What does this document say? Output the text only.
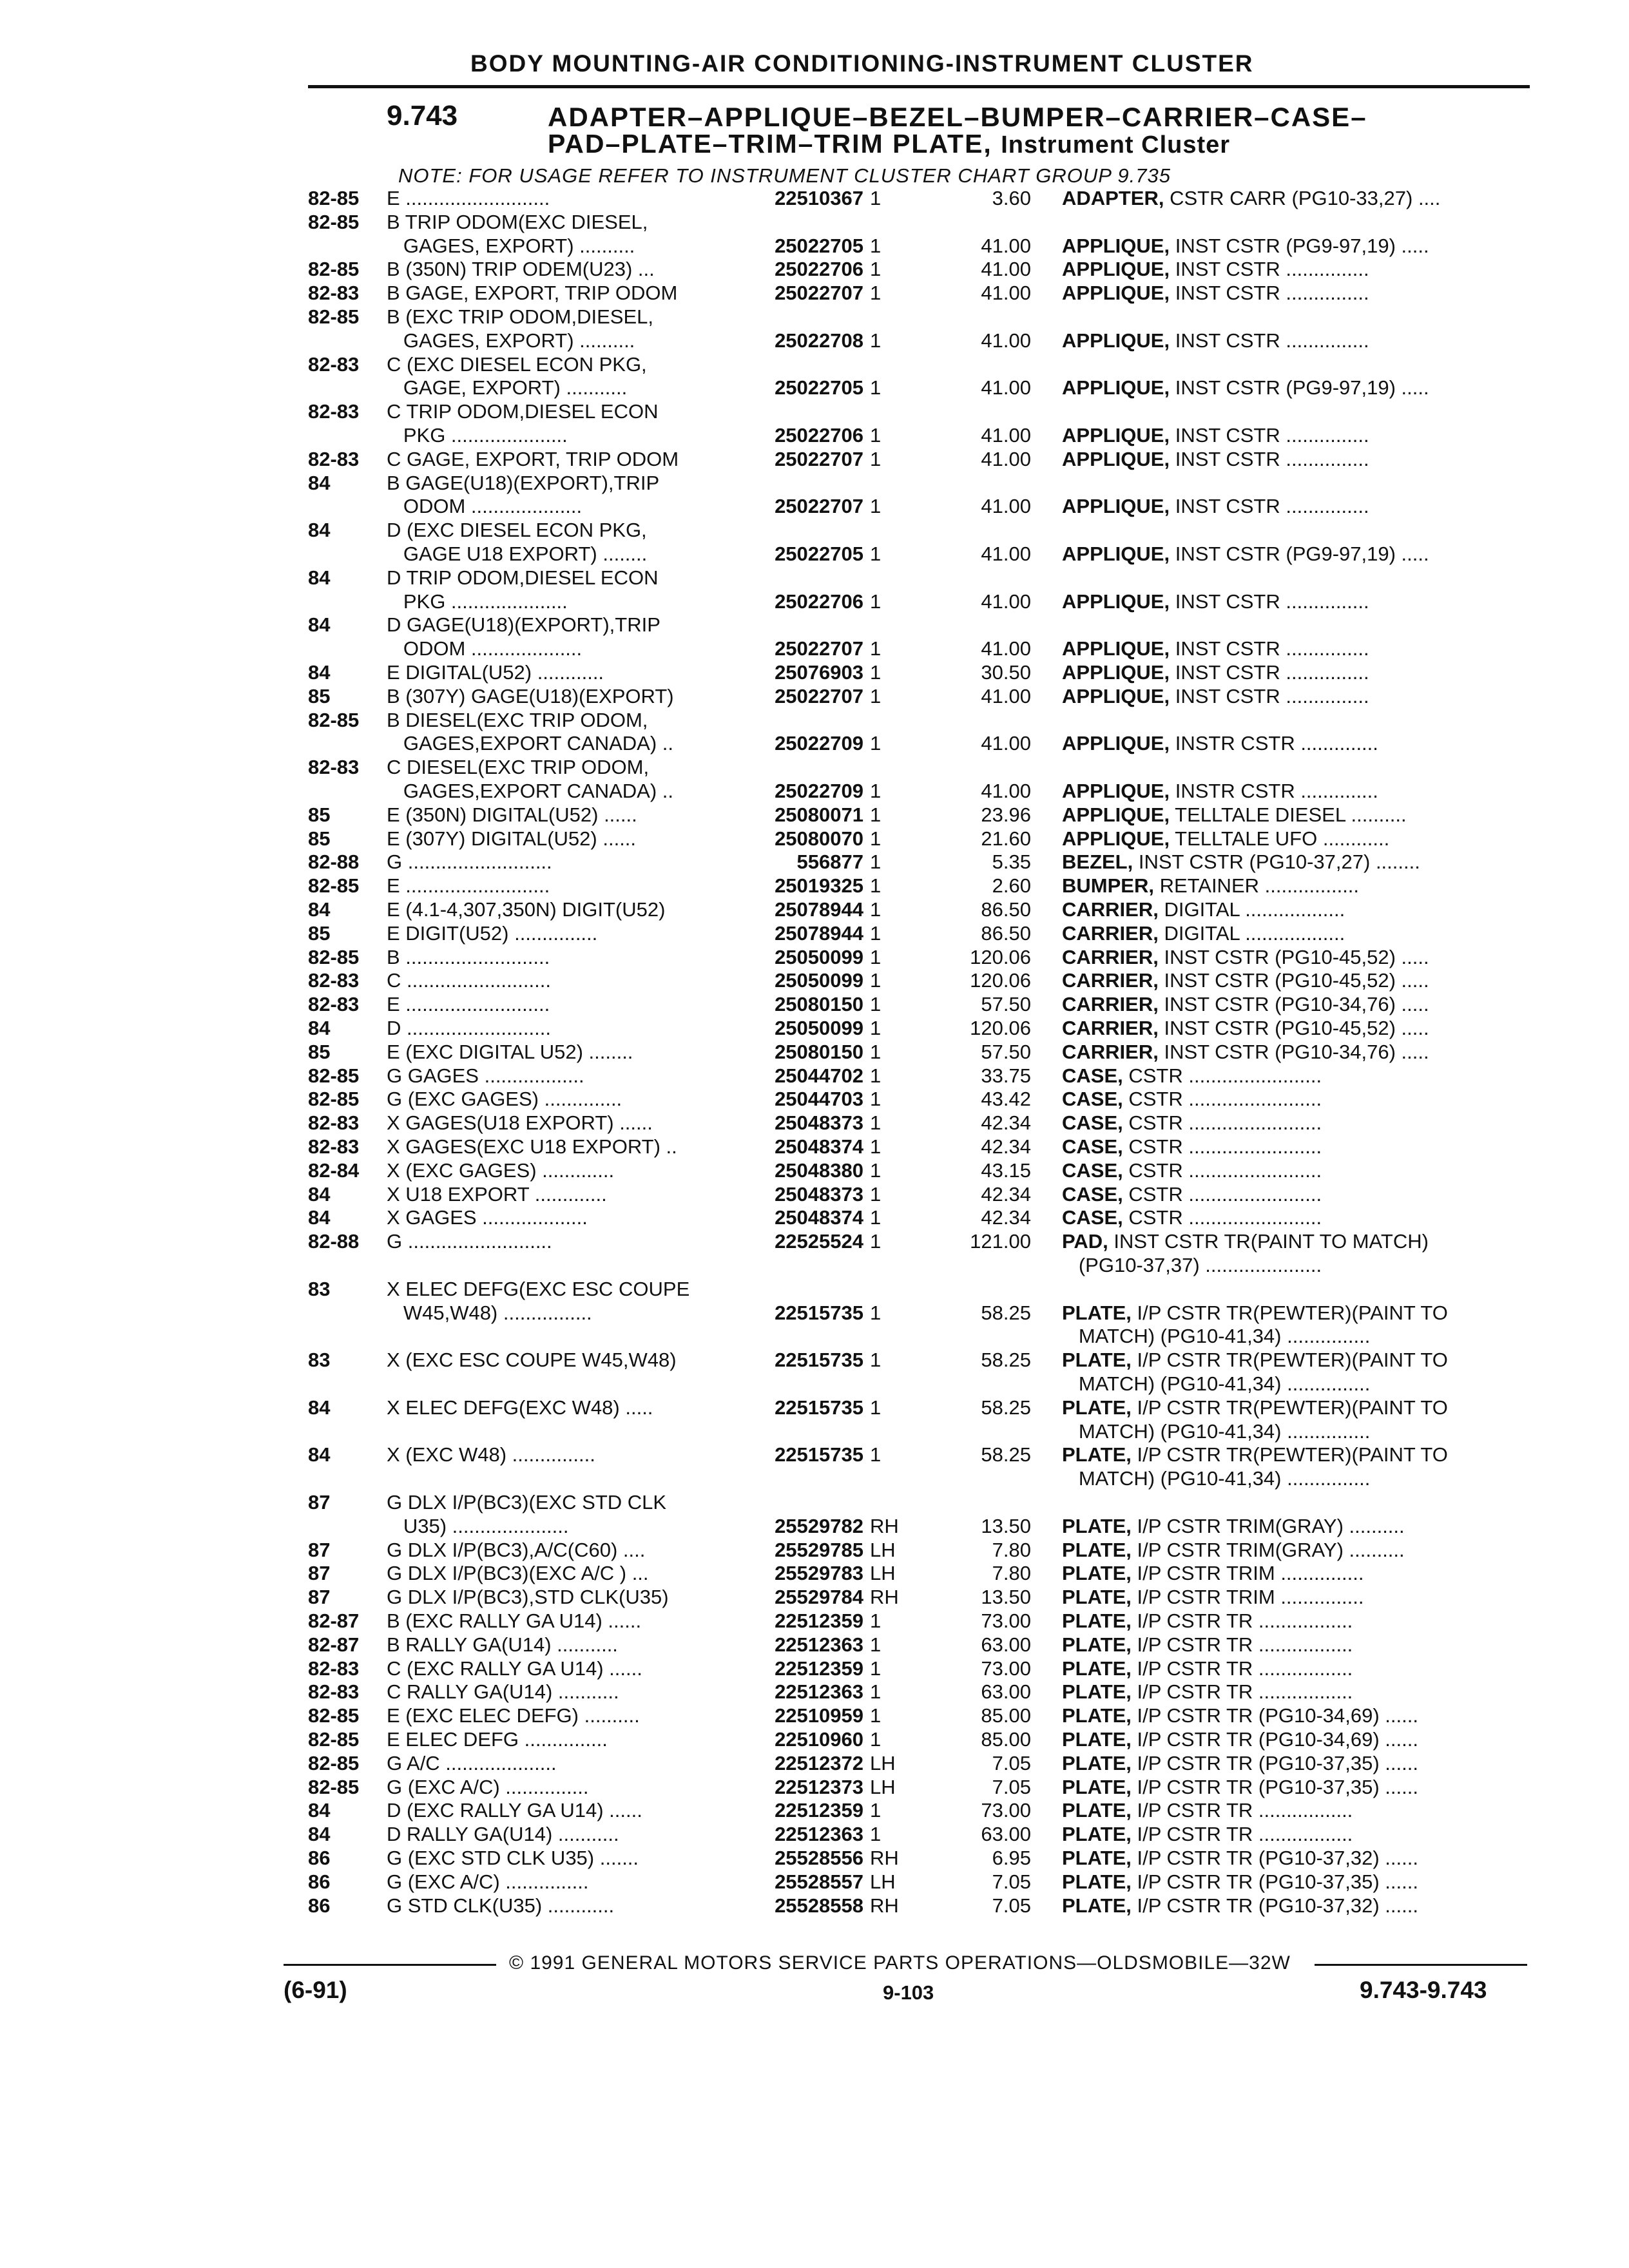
BODY MOUNTING-AIR CONDITIONING-INSTRUMENT CLUSTER
9.743	ADAPTER–APPLIQUE–BEZEL–BUMPER–CARRIER–CASE–
PAD–PLATE–TRIM–TRIM PLATE, Instrument Cluster
NOTE: FOR USAGE REFER TO INSTRUMENT CLUSTER CHART GROUP 9.735
82-85	E ..........................	22510367 1	3.60 ADAPTER, CSTR CARR (PG10-33,27) ....
82-85	B TRIP ODOM(EXC DIESEL,
GAGES, EXPORT) ..........	25022705 1	41.00 APPLIQUE, INST CSTR (PG9-97,19) .....
82-85	B (350N) TRIP ODEM(U23) ...	25022706 1	41.00 APPLIQUE, INST CSTR ...............
82-83	B GAGE, EXPORT, TRIP ODOM	25022707 1	41.00 APPLIQUE, INST CSTR ...............
82-85	B (EXC TRIP ODOM,DIESEL,
GAGES, EXPORT) ..........	25022708 1	41.00 APPLIQUE, INST CSTR ...............
82-83	C (EXC DIESEL ECON PKG,
GAGE, EXPORT) ...........	25022705 1	41.00 APPLIQUE, INST CSTR (PG9-97,19) .....
82-83	C TRIP ODOM,DIESEL ECON
PKG .....................	25022706 1	41.00 APPLIQUE, INST CSTR ...............
82-83	C GAGE, EXPORT, TRIP ODOM	25022707 1	41.00 APPLIQUE, INST CSTR ...............
84	B GAGE(U18)(EXPORT),TRIP
ODOM ....................	25022707 1	41.00 APPLIQUE, INST CSTR ...............
84	D (EXC DIESEL ECON PKG,
GAGE U18 EXPORT) ........	25022705 1	41.00 APPLIQUE, INST CSTR (PG9-97,19) .....
84	D TRIP ODOM,DIESEL ECON
PKG .....................	25022706 1	41.00 APPLIQUE, INST CSTR ...............
84	D GAGE(U18)(EXPORT),TRIP
ODOM ....................	25022707 1	41.00 APPLIQUE, INST CSTR ...............
84	E DIGITAL(U52) ............	25076903 1	30.50 APPLIQUE, INST CSTR ...............
85	B (307Y) GAGE(U18)(EXPORT)	25022707 1	41.00 APPLIQUE, INST CSTR ...............
82-85	B DIESEL(EXC TRIP ODOM,
GAGES,EXPORT CANADA) ..	25022709 1	41.00 APPLIQUE, INSTR CSTR ..............
82-83	C DIESEL(EXC TRIP ODOM,
GAGES,EXPORT CANADA) ..	25022709 1	41.00 APPLIQUE, INSTR CSTR ..............
85	E (350N) DIGITAL(U52) ......	25080071 1	23.96 APPLIQUE, TELLTALE DIESEL ..........
85	E (307Y) DIGITAL(U52) ......	25080070 1	21.60 APPLIQUE, TELLTALE UFO ............
82-88	G ..........................	556877 1	5.35 BEZEL, INST CSTR (PG10-37,27) ........
82-85	E ..........................	25019325 1	2.60 BUMPER, RETAINER .................
84	E (4.1-4,307,350N) DIGIT(U52)	25078944 1	86.50 CARRIER, DIGITAL ..................
85	E DIGIT(U52) ...............	25078944 1	86.50 CARRIER, DIGITAL ..................
82-85	B ..........................	25050099 1	120.06 CARRIER, INST CSTR (PG10-45,52) .....
82-83	C ..........................	25050099 1	120.06 CARRIER, INST CSTR (PG10-45,52) .....
82-83	E ..........................	25080150 1	57.50 CARRIER, INST CSTR (PG10-34,76) .....
84	D ..........................	25050099 1	120.06 CARRIER, INST CSTR (PG10-45,52) .....
85	E (EXC DIGITAL U52) ........	25080150 1	57.50 CARRIER, INST CSTR (PG10-34,76) .....
82-85	G GAGES ..................	25044702 1	33.75 CASE, CSTR ........................
82-85	G (EXC GAGES) ..............	25044703 1	43.42 CASE, CSTR ........................
82-83	X GAGES(U18 EXPORT) ......	25048373 1	42.34 CASE, CSTR ........................
82-83	X GAGES(EXC U18 EXPORT) ..	25048374 1	42.34 CASE, CSTR ........................
82-84	X (EXC GAGES) .............	25048380 1	43.15 CASE, CSTR ........................
84	X U18 EXPORT .............	25048373 1	42.34 CASE, CSTR ........................
84	X GAGES ...................	25048374 1	42.34 CASE, CSTR ........................
82-88	G ..........................	22525524 1	121.00 PAD, INST CSTR TR(PAINT TO MATCH)
(PG10-37,37) .....................
83	X ELEC DEFG(EXC ESC COUPE
W45,W48) ................	22515735 1	58.25 PLATE, I/P CSTR TR(PEWTER)(PAINT TO
MATCH) (PG10-41,34) ...............
83	X (EXC ESC COUPE W45,W48)	22515735 1	58.25 PLATE, I/P CSTR TR(PEWTER)(PAINT TO
MATCH) (PG10-41,34) ...............
84	X ELEC DEFG(EXC W48) .....	22515735 1	58.25 PLATE, I/P CSTR TR(PEWTER)(PAINT TO
MATCH) (PG10-41,34) ...............
84	X (EXC W48) ...............	22515735 1	58.25 PLATE, I/P CSTR TR(PEWTER)(PAINT TO
MATCH) (PG10-41,34) ...............
87	G DLX I/P(BC3)(EXC STD CLK
U35) .....................	25529782 RH	13.50 PLATE, I/P CSTR TRIM(GRAY) ..........
87	G DLX I/P(BC3),A/C(C60) ....	25529785 LH	7.80 PLATE, I/P CSTR TRIM(GRAY) ..........
87	G DLX I/P(BC3)(EXC A/C ) ...	25529783 LH	7.80 PLATE, I/P CSTR TRIM ...............
87	G DLX I/P(BC3),STD CLK(U35)	25529784 RH	13.50 PLATE, I/P CSTR TRIM ...............
82-87	B (EXC RALLY GA U14) ......	22512359 1	73.00 PLATE, I/P CSTR TR .................
82-87	B RALLY GA(U14) ...........	22512363 1	63.00 PLATE, I/P CSTR TR .................
82-83	C (EXC RALLY GA U14) ......	22512359 1	73.00 PLATE, I/P CSTR TR .................
82-83	C RALLY GA(U14) ...........	22512363 1	63.00 PLATE, I/P CSTR TR .................
82-85	E (EXC ELEC DEFG) ..........	22510959 1	85.00 PLATE, I/P CSTR TR (PG10-34,69) ......
82-85	E ELEC DEFG ...............	22510960 1	85.00 PLATE, I/P CSTR TR (PG10-34,69) ......
82-85	G A/C ....................	22512372 LH	7.05 PLATE, I/P CSTR TR (PG10-37,35) ......
82-85	G (EXC A/C) ...............	22512373 LH	7.05 PLATE, I/P CSTR TR (PG10-37,35) ......
84	D (EXC RALLY GA U14) ......	22512359 1	73.00 PLATE, I/P CSTR TR .................
84	D RALLY GA(U14) ...........	22512363 1	63.00 PLATE, I/P CSTR TR .................
86	G (EXC STD CLK U35) .......	25528556 RH	6.95 PLATE, I/P CSTR TR (PG10-37,32) ......
86	G (EXC A/C) ...............	25528557 LH	7.05 PLATE, I/P CSTR TR (PG10-37,35) ......
86	G STD CLK(U35) ............	25528558 RH	7.05 PLATE, I/P CSTR TR (PG10-37,32) ......
© 1991 GENERAL MOTORS SERVICE PARTS OPERATIONS—OLDSMOBILE—32W
(6-91)	9-103	9.743-9.743
